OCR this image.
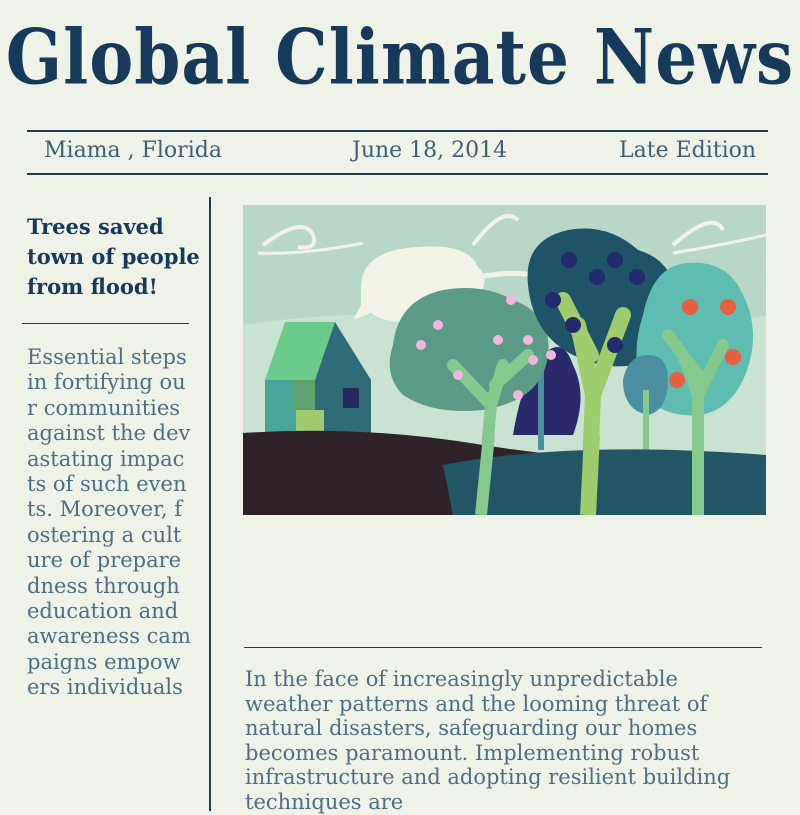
Global Climate News
Miama , Florida	June 18, 2014	Late Edition
Trees saved town of people from flood!
Essential steps in fortifying our communities against the devastating impacts of such events. Moreover, fostering a culture of preparedness through education and awareness campaigns empowers individuals	In the face of increasingly unpredictable weather patterns and the looming threat of natural disasters, safeguarding our homes becomes paramount. Implementing robust infrastructure and adopting resilient building techniques are
